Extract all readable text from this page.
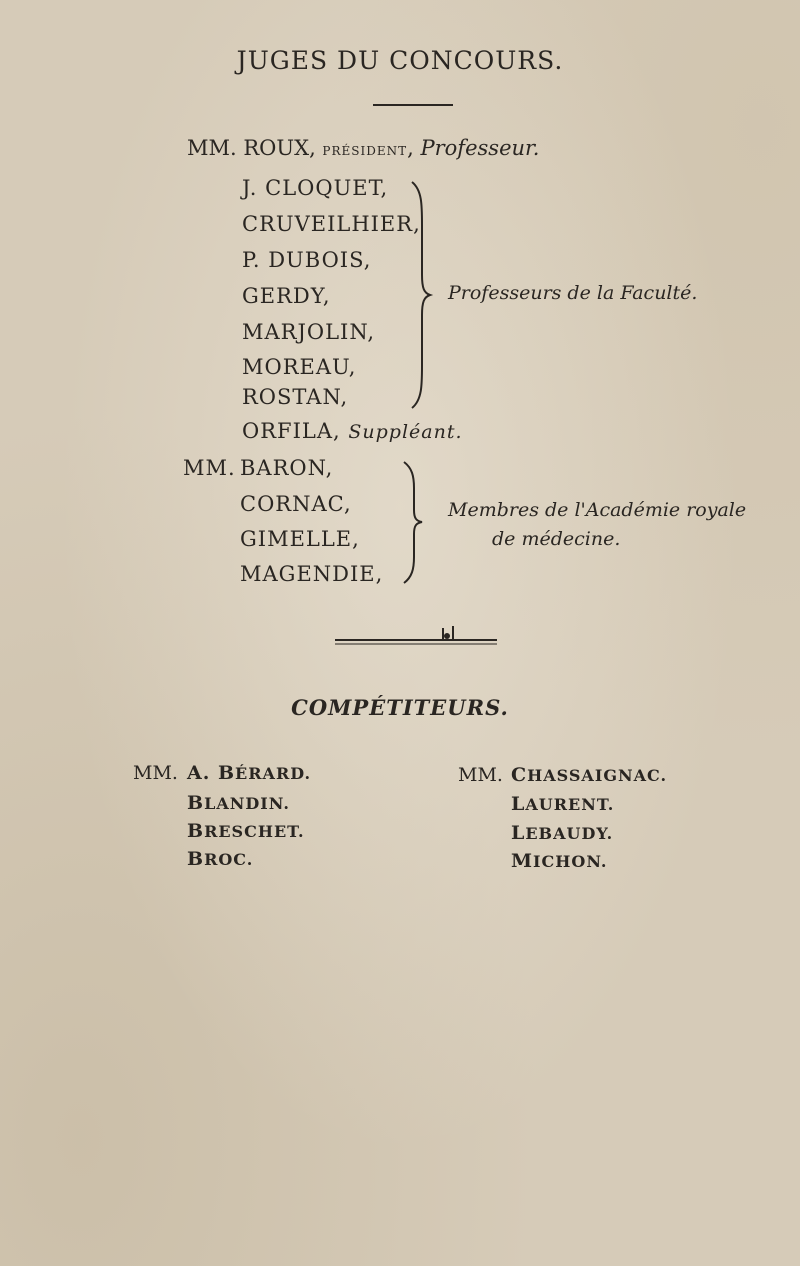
JUGES DU CONCOURS.
MM. ROUX, PRÉSIDENT, Professeur.
J. CLOQUET,
CRUVEILHIER,
P. DUBOIS,
GERDY,
MARJOLIN,
MOREAU,
ROSTAN,
Professeurs de la Faculté.
ORFILA, Suppléant.
MM. BARON,
CORNAC,
GIMELLE,
MAGENDIE,
Membres de l'Académie royale
de médecine.
COMPÉTITEURS.
MM. A. BÉRARD.
BLANDIN.
BRESCHET.
BROC.
MM. CHASSAIGNAC.
LAURENT.
LEBAUDY.
MICHON.
